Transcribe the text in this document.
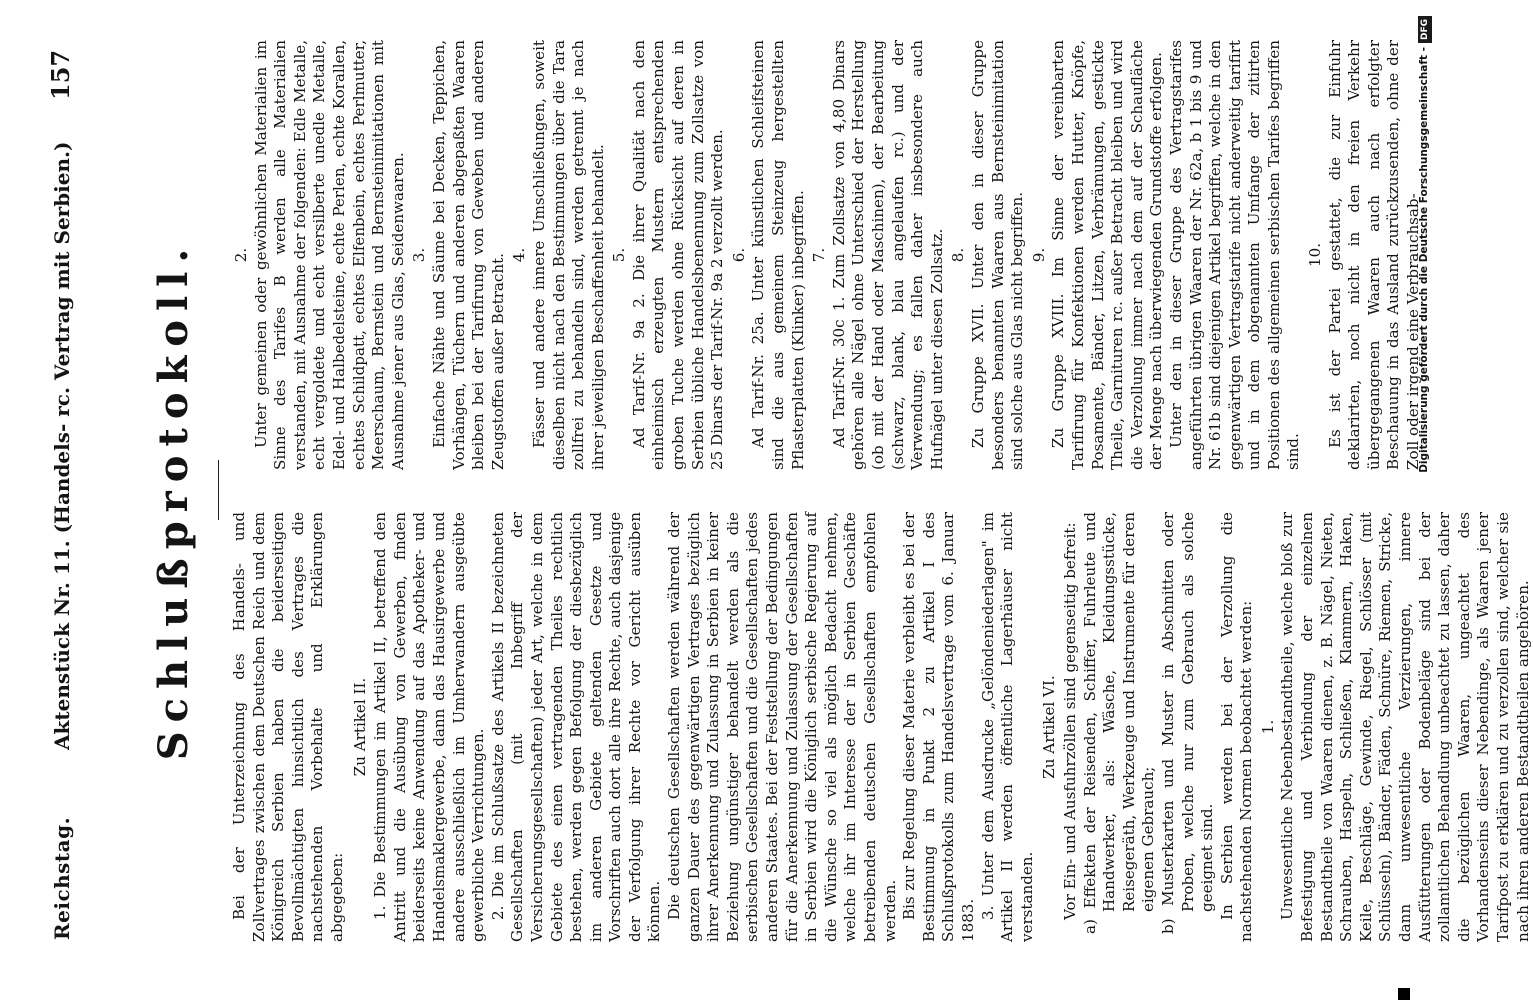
Reichstag.
Aktenstück Nr. 11. (Handels- rc. Vertrag mit Serbien.)
157
Schlußprotokoll. Bei der Unterzeichnung des Handels- und Zollvertrages zwischen dem Deutschen Reich und dem Königreich Serbien haben die beiderseitigen Bevollmächtigten hinsichtlich des Vertrages die nachstehenden Vorbehalte und Erklärungen abgegeben:

Zu Artikel II. 1. Die Bestimmungen im Artikel II, betreffend den Antritt und die Ausübung von Gewerben, finden beiderseits keine Anwendung auf das Apotheker- und Handelsmaklergewerbe, dann das Hausirgewerbe und andere ausschließlich im Umherwandern ausgeübte gewerbliche Verrichtungen. 2. Die im Schlußsatze des Artikels II bezeichneten Gesellschaften (mit Inbegriff der Versicherungsgesellschaften) jeder Art, welche in dem Gebiete des einen vertragenden Theiles rechtlich bestehen, werden gegen Befolgung der diesbezüglich im anderen Gebiete geltenden Gesetze und Vorschriften auch dort alle ihre Rechte, auch dasjenige der Verfolgung ihrer Rechte vor Gericht ausüben können. Die deutschen Gesellschaften werden während der ganzen Dauer des gegenwärtigen Vertrages bezüglich ihrer Anerkennung und Zulassung in Serbien in keiner Beziehung ungünstiger behandelt werden als die serbischen Gesellschaften und die Gesellschaften jedes anderen Staates. Bei der Feststellung der Bedingungen für die Anerkennung und Zulassung der Gesellschaften in Serbien wird die Königlich serbische Regierung auf die Wünsche so viel als möglich Bedacht nehmen, welche ihr im Interesse der in Serbien Geschäfte betreibenden deutschen Gesellschaften empfohlen werden. Bis zur Regelung dieser Materie verbleibt es bei der Bestimmung in Punkt 2 zu Artikel I des Schlußprotokolls zum Handelsvertrage vom 6. Januar 1883.

3. Unter dem Ausdrucke „Gelöndeniederlagen" im Artikel II werden öffentliche Lagerhäuser nicht verstanden.

Zu Artikel VI. Vor Ein- und Ausfuhrzöllen sind gegenseitig befreit: a) Effekten der Reisenden, Schiffer, Fuhrleute und Handwerker, als: Wäsche, Kleidungsstücke, Reisegeräth, Werkzeuge und Instrumente für deren eigenen Gebrauch; b) Musterkarten und Muster in Abschnitten oder Proben, welche nur zum Gebrauch als solche geeignet sind. In Serbien werden bei der Verzollung die nachstehenden Normen beobachtet werden: 1. Unwesentliche Nebenbestandtheile, welche bloß zur Befestigung und Verbindung der einzelnen Bestandtheile von Waaren dienen, z. B. Nägel, Nieten, Schrauben, Haspeln, Schließen, Klammern, Haken, Keile, Beschläge, Gewinde, Riegel, Schlösser (mit Schlüsseln), Bänder, Fäden, Schnüre, Riemen, Stricke, dann unwesentliche Verzierungen, innere Ausfütterungen oder Bodenbeläge sind bei der zollamtlichen Behandlung unbeachtet zu lassen, daher die bezüglichen Waaren, ungeachtet des Vorhandenseins dieser Nebendinge, als Waaren jener Tarifpost zu erklären und zu verzollen sind, welcher sie nach ihren anderen Bestandtheilen angehören.

2. Unter gemeinen oder gewöhnlichen Materialien im Sinne des Tarifes B werden alle Materialien verstanden, mit Ausnahme der folgenden: Edle Metalle, echt vergoldete und echt versilberte unedle Metalle, Edel- und Halbedelsteine, echte Perlen, echte Korallen, echtes Schildpatt, echtes Elfenbein, echtes Perlmutter, Meerschaum, Bernstein und Bernsteinimitationen mit Ausnahme jener aus Glas, Seidenwaaren. 3. Einfache Nähte und Säume bei Decken, Teppichen, Vorhängen, Tüchern und anderen abgepaßten Waaren bleiben bei der Tarifirung von Geweben und anderen Zeugstoffen außer Betracht. 4. Fässer und andere innere Umschließungen, soweit dieselben nicht nach den Bestimmungen über die Tara zollfrei zu behandeln sind, werden getrennt je nach ihrer jeweiligen Beschaffenheit behandelt. 5. Ad Tarif-Nr. 9a 2. Die ihrer Qualität nach den einheimisch erzeugten Mustern entsprechenden groben Tuche werden ohne Rücksicht auf deren in Serbien übliche Handelsbenennung zum Zollsatze von 25 Dinars der Tarif-Nr. 9a 2 verzollt werden. 6. Ad Tarif-Nr. 25a. Unter künstlichen Schleifsteinen sind die aus gemeinem Steinzeug hergestellten Pflasterplatten (Klinker) inbegriffen. 7. Ad Tarif-Nr. 30c 1. Zum Zollsatze von 4,80 Dinars gehören alle Nägel ohne Unterschied der Herstellung (ob mit der Hand oder Maschinen), der Bearbeitung (schwarz, blank, blau angelaufen rc.) und der Verwendung; es fallen daher insbesondere auch Hufnägel unter diesen Zollsatz. 8. Zu Gruppe XVII. Unter den in dieser Gruppe besonders benannten Waaren aus Bernsteinimitation sind solche aus Glas nicht begriffen. 9. Zu Gruppe XVIII. Im Sinne der vereinbarten Tarifirung für Konfektionen werden Hutter, Knöpfe, Posamente, Bänder, Litzen, Verbrämungen, gestickte Theile, Garnituren rc. außer Betracht bleiben und wird die Verzollung immer nach dem auf der Schaufläche der Menge nach überwiegenden Grundstoffe erfolgen. Unter den in dieser Gruppe des Vertragstarifes angeführten übrigen Waaren der Nr. 62a, b 1 bis 9 und Nr. 61b sind diejenigen Artikel begriffen, welche in den gegenwärtigen Vertragstarife nicht anderweitig tarifirt und in dem obgenannten Umfange der zitirten Positionen des allgemeinen serbischen Tarifes begriffen sind.

10. Es ist der Partei gestattet, die zur Einfuhr deklarirten, noch nicht in den freien Verkehr übergegangenen Waaren auch nach erfolgter Beschauung in das Ausland zurückzusenden, ohne der Zoll oder irgend eine Verbrauchsab-

Digitalisierung gefördert durch die Deutsche Forschungsgemeinschaft -DFG
